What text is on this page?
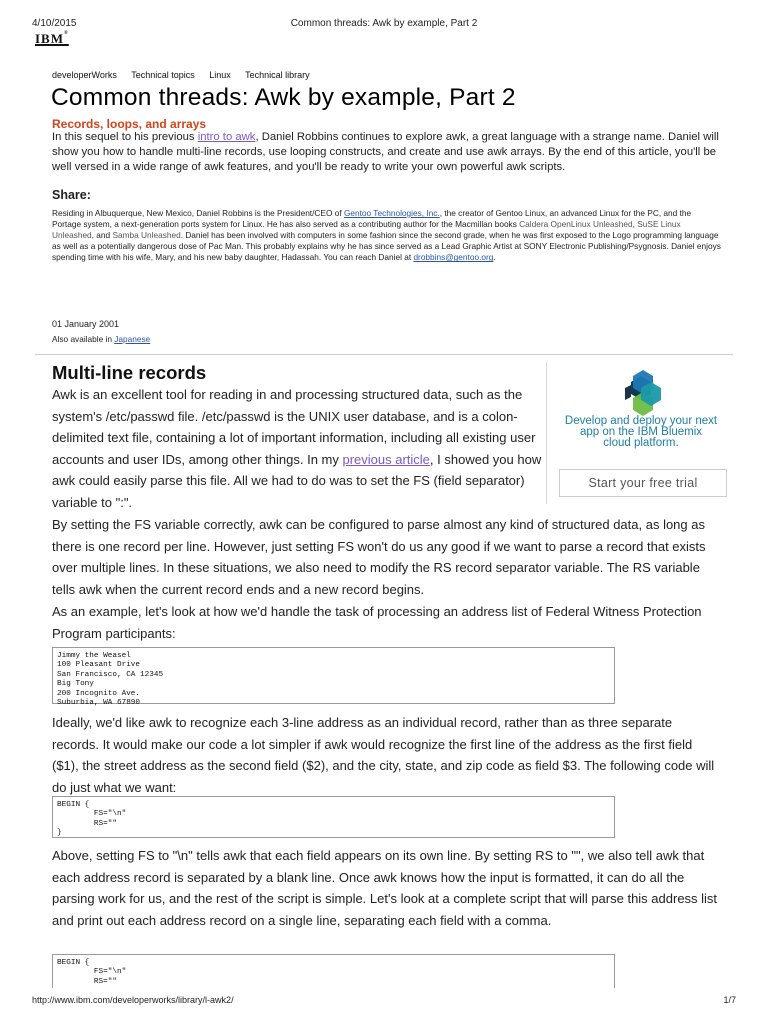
4/10/2015	Common threads: Awk by example, Part 2
IBM®
developerWorks Technical topics Linux Technical library
Common threads: Awk by example, Part 2
Records, loops, and arrays

In this sequel to his previous intro to awk, Daniel Robbins continues to explore awk, a great language with a strange name. Daniel will show you how to handle multi-line records, use looping constructs, and create and use awk arrays. By the end of this article, you'll be well versed in a wide range of awk features, and you'll be ready to write your own powerful awk scripts.

Share:

Residing in Albuquerque, New Mexico, Daniel Robbins is the President/CEO of Gentoo Technologies, Inc., the creator of Gentoo Linux, an advanced Linux for the PC, and the Portage system, a next-generation ports system for Linux. He has also served as a contributing author for the Macmillan books Caldera OpenLinux Unleashed, SuSE Linux Unleashed, and Samba Unleashed. Daniel has been involved with computers in some fashion since the second grade, when he was first exposed to the Logo programming language as well as a potentially dangerous dose of Pac Man. This probably explains why he has since served as a Lead Graphic Artist at SONY Electronic Publishing/Psygnosis. Daniel enjoys spending time with his wife, Mary, and his new baby daughter, Hadassah. You can reach Daniel at drobbins@gentoo.org.

01 January 2001
Also available in Japanese
Multi-line records

Awk is an excellent tool for reading in and processing structured data, such as the system's /etc/passwd file. /etc/passwd is the UNIX user database, and is a colon-delimited text file, containing a lot of important information, including all existing user accounts and user IDs, among other things. In my previous article, I showed you how awk could easily parse this file. All we had to do was to set the FS (field separator) variable to ":".

Develop and deploy your next
app on the IBM Bluemix
cloud platform.
Start your free trial

By setting the FS variable correctly, awk can be configured to parse almost any kind of structured data, as long as there is one record per line. However, just setting FS won't do us any good if we want to parse a record that exists over multiple lines. In these situations, we also need to modify the RS record separator variable. The RS variable tells awk when the current record ends and a new record begins.

As an example, let's look at how we'd handle the task of processing an address list of Federal Witness Protection Program participants:

Jimmy the Weasel
100 Pleasant Drive
San Francisco, CA 12345
Big Tony
200 Incognito Ave.
Suburbia, WA 67890

Ideally, we'd like awk to recognize each 3-line address as an individual record, rather than as three separate records. It would make our code a lot simpler if awk would recognize the first line of the address as the first field ($1), the street address as the second field ($2), and the city, state, and zip code as field $3. The following code will do just what we want:

BEGIN {
FS="\n"
RS=""
}

Above, setting FS to "\n" tells awk that each field appears on its own line. By setting RS to "", we also tell awk that each address record is separated by a blank line. Once awk knows how the input is formatted, it can do all the parsing work for us, and the rest of the script is simple. Let's look at a complete script that will parse this address list and print out each address record on a single line, separating each field with a comma.

BEGIN {
FS="\n"
RS=""
http://www.ibm.com/developerworks/library/l-awk2/	1/7
